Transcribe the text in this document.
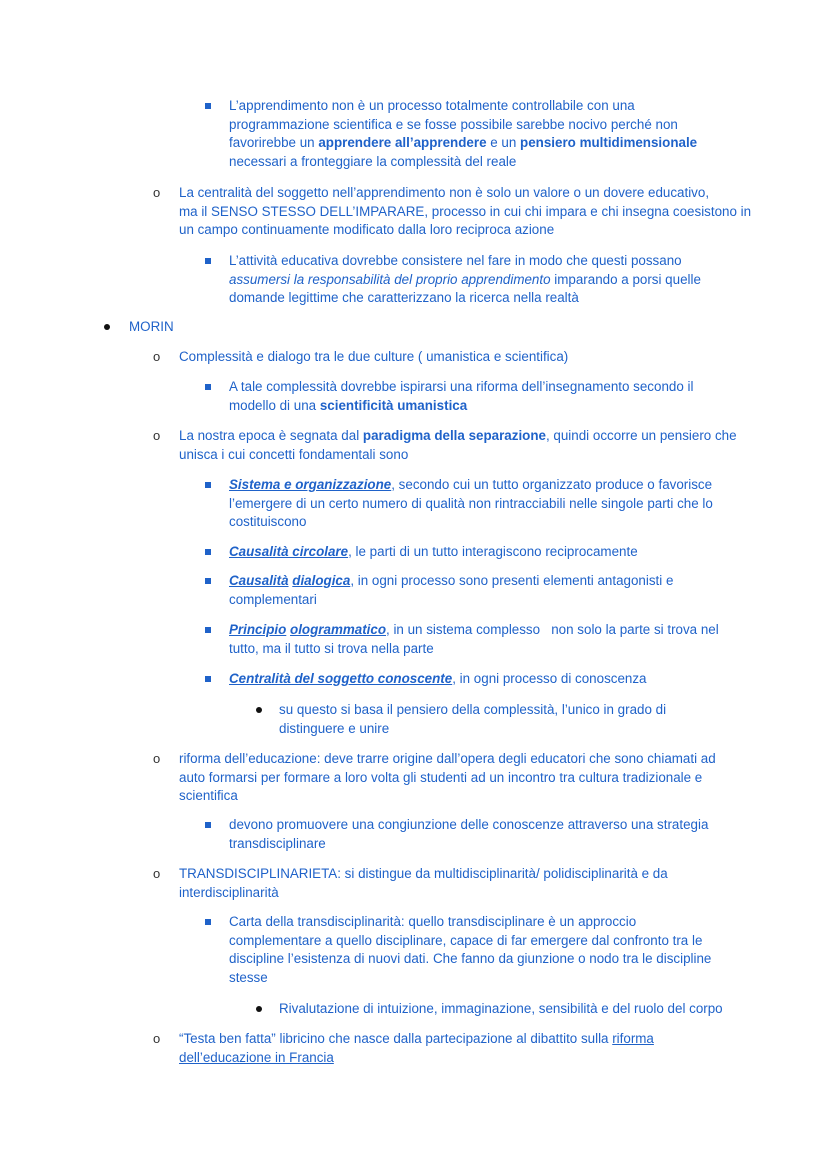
L’apprendimento non è un processo totalmente controllabile con una
programmazione scientifica e se fosse possibile sarebbe nocivo perché non
favorirebbe un apprendere all’apprendere e un pensiero multidimensionale
necessari a fronteggiare la complessità del reale
o La centralità del soggetto nell’apprendimento non è solo un valore o un dovere educativo,
ma il SENSO STESSO DELL’IMPARARE, processo in cui chi impara e chi insegna coesistono in
un campo continuamente modificato dalla loro reciproca azione
L’attività educativa dovrebbe consistere nel fare in modo che questi possano
assumersi la responsabilità del proprio apprendimento imparando a porsi quelle
domande legittime che caratterizzano la ricerca nella realtà
MORIN
o Complessità e dialogo tra le due culture ( umanistica e scientifica)
A tale complessità dovrebbe ispirarsi una riforma dell’insegnamento secondo il
modello di una scientificità umanistica
o La nostra epoca è segnata dal paradigma della separazione, quindi occorre un pensiero che
unisca i cui concetti fondamentali sono
Sistema e organizzazione, secondo cui un tutto organizzato produce o favorisce
l’emergere di un certo numero di qualità non rintracciabili nelle singole parti che lo
costituiscono
Causalità circolare, le parti di un tutto interagiscono reciprocamente
Causalità dialogica, in ogni processo sono presenti elementi antagonisti e
complementari
Principio ologrammatico, in un sistema complesso   non solo la parte si trova nel
tutto, ma il tutto si trova nella parte
Centralità del soggetto conoscente, in ogni processo di conoscenza
su questo si basa il pensiero della complessità, l’unico in grado di
distinguere e unire
o riforma dell’educazione: deve trarre origine dall’opera degli educatori che sono chiamati ad
auto formarsi per formare a loro volta gli studenti ad un incontro tra cultura tradizionale e
scientifica
devono promuovere una congiunzione delle conoscenze attraverso una strategia
transdisciplinare
o TRANSDISCIPLINARIETA: si distingue da multidisciplinarità/ polidisciplinarità e da
interdisciplinarità
Carta della transdisciplinarità: quello transdisciplinare è un approccio
complementare a quello disciplinare, capace di far emergere dal confronto tra le
discipline l’esistenza di nuovi dati. Che fanno da giunzione o nodo tra le discipline
stesse
Rivalutazione di intuizione, immaginazione, sensibilità e del ruolo del corpo
o “Testa ben fatta” libricino che nasce dalla partecipazione al dibattito sulla riforma
dell’educazione in Francia
